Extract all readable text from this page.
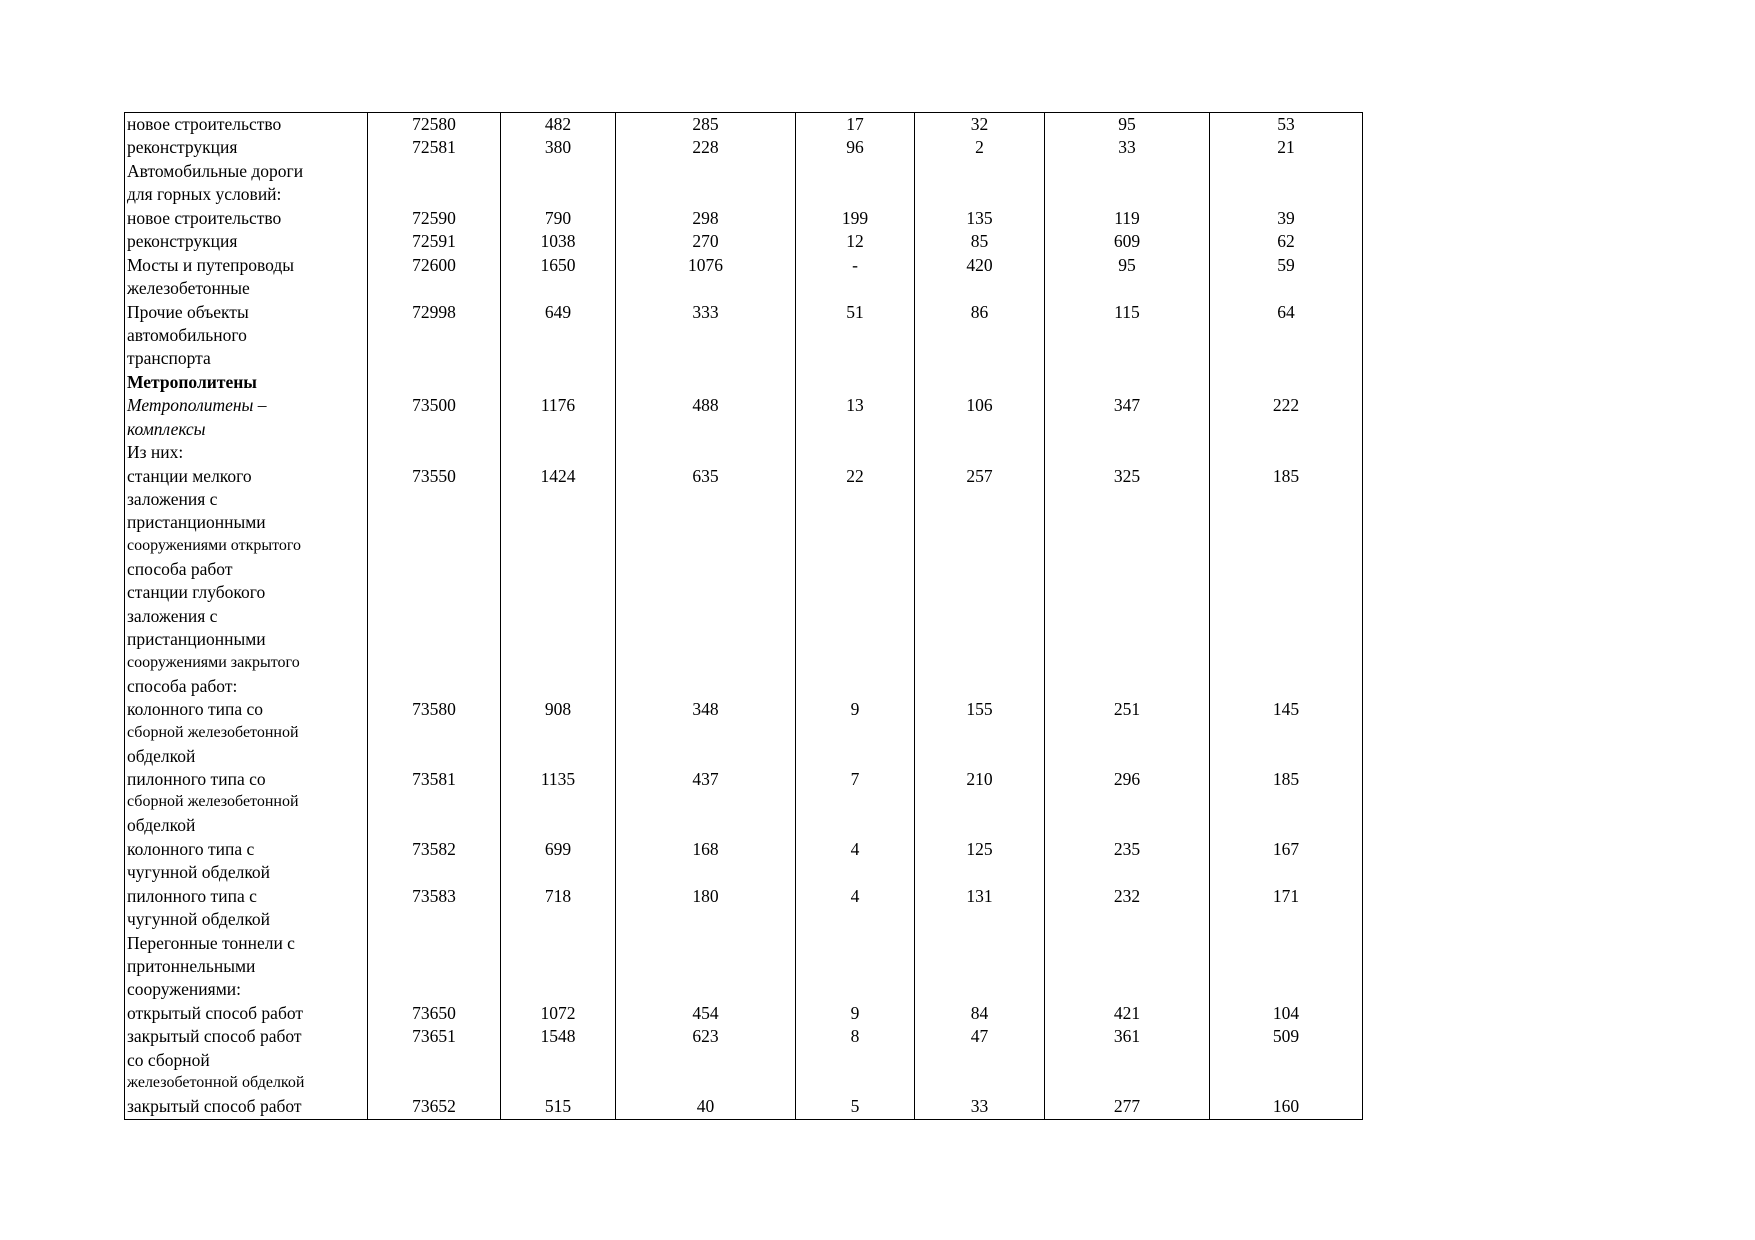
новое строительство	72580	482	285	17	32	95	53
реконструкция	72581	380	228	96	2	33	21
Автомобильные дороги							
для горных условий:							
новое строительство	72590	790	298	199	135	119	39
реконструкция	72591	1038	270	12	85	609	62
Мосты и путепроводы	72600	1650	1076	-	420	95	59
железобетонные							
Прочие объекты	72998	649	333	51	86	115	64
автомобильного							
транспорта							
Метрополитены							
Метрополитены –	73500	1176	488	13	106	347	222
комплексы							
Из них:							
станции мелкого	73550	1424	635	22	257	325	185
заложения с							
пристанционными							
сооружениями открытого							
способа работ							
станции глубокого							
заложения с							
пристанционными							
сооружениями закрытого							
способа работ:							
колонного типа со	73580	908	348	9	155	251	145
сборной железобетонной							
обделкой							
пилонного типа со	73581	1135	437	7	210	296	185
сборной железобетонной							
обделкой							
колонного типа с	73582	699	168	4	125	235	167
чугунной обделкой							
пилонного типа с	73583	718	180	4	131	232	171
чугунной обделкой							
Перегонные тоннели с							
притоннельными							
сооружениями:							
открытый способ работ	73650	1072	454	9	84	421	104
закрытый способ работ	73651	1548	623	8	47	361	509
со сборной							
железобетонной обделкой							
закрытый способ работ	73652	515	40	5	33	277	160
